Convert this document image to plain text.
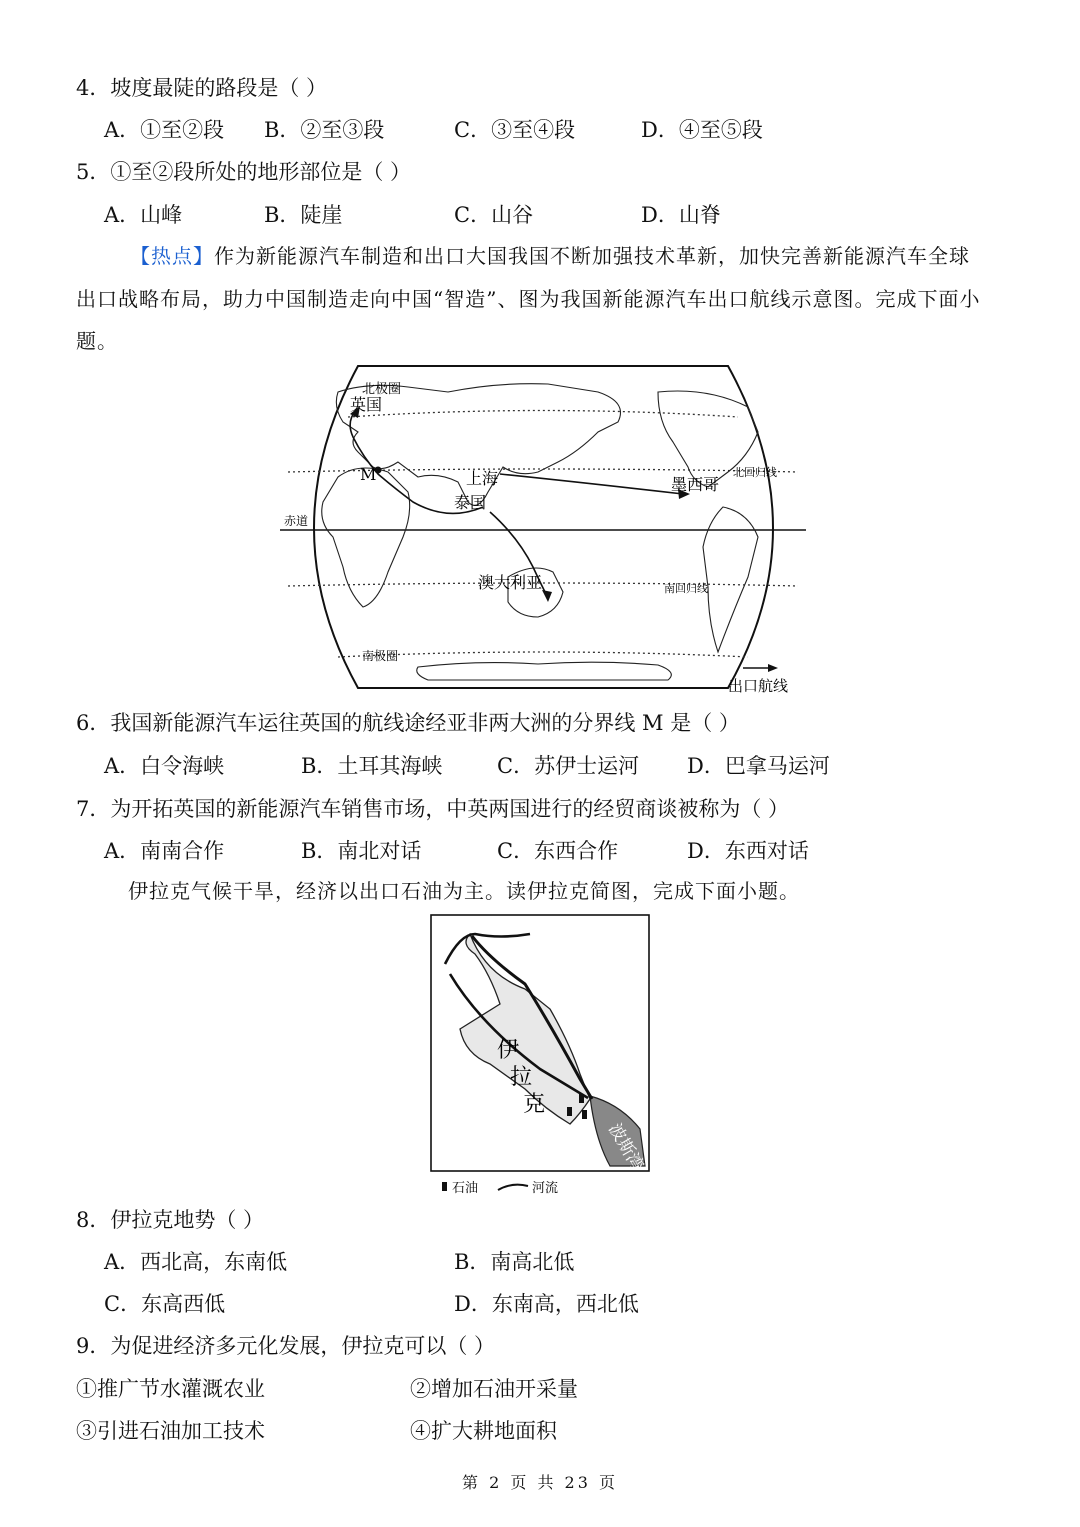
4．坡度最陡的路段是（ ）
A．①至②段 B．②至③段	C．③至④段	D．④至⑤段
5．①至②段所处的地形部位是（ ）
A．山峰	B．陡崖	C．山谷	D．山脊
【热点】作为新能源汽车制造和出口大国我国不断加强技术革新，加快完善新能源汽车全球
出口战略布局，助力中国制造走向中国“智造”、图为我国新能源汽车出口航线示意图。完成下面小
题。
北极圈
英国
M	上海
泰国
墨西哥
北回归线
赤道
澳大利亚	南回归线
南极圈
出口航线
6．我国新能源汽车运往英国的航线途经亚非两大洲的分界线 M 是（ ）
A．白令海峡	B．土耳其海峡	C．苏伊士运河 D．巴拿马运河
7．为开拓英国的新能源汽车销售市场，中英两国进行的经贸商谈被称为（ ）
A．南南合作	B．南北对话	C．东西合作	D．东西对话
伊拉克气候干旱，经济以出口石油为主。读伊拉克简图，完成下面小题。
伊
拉
克
波斯湾
石油	河流
8．伊拉克地势（ ）
A．西北高，东南低	B．南高北低
C．东高西低	D．东南高，西北低
9．为促进经济多元化发展，伊拉克可以（ ）
①推广节水灌溉农业	②增加石油开采量
③引进石油加工技术	④扩大耕地面积
第 2 页 共 23 页
